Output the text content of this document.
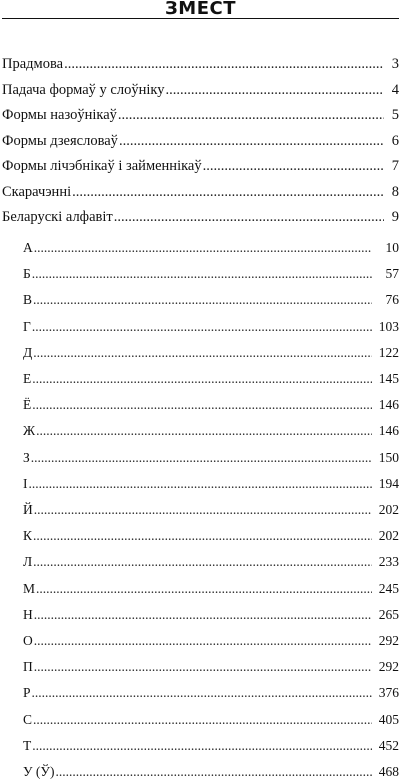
ЗМЕСТ
Прадмова .....	3
Падача формаў у слоўніку .....	4
Формы назоўнікаў .....	5
Формы дзеясловаў .....	6
Формы лічэбнікаў і займеннікаў .....	7
Скарачэнні .....	8
Беларускі алфавіт .....	9
А .....	10
Б .....	57
В .....	76
Г .....	103
Д .....	122
Е .....	145
Ё .....	146
Ж .....	146
З .....	150
І .....	194
Й .....	202
К .....	202
Л .....	233
М .....	245
Н .....	265
О .....	292
П .....	292
Р .....	376
С .....	405
Т .....	452
У (Ў) .....	468
